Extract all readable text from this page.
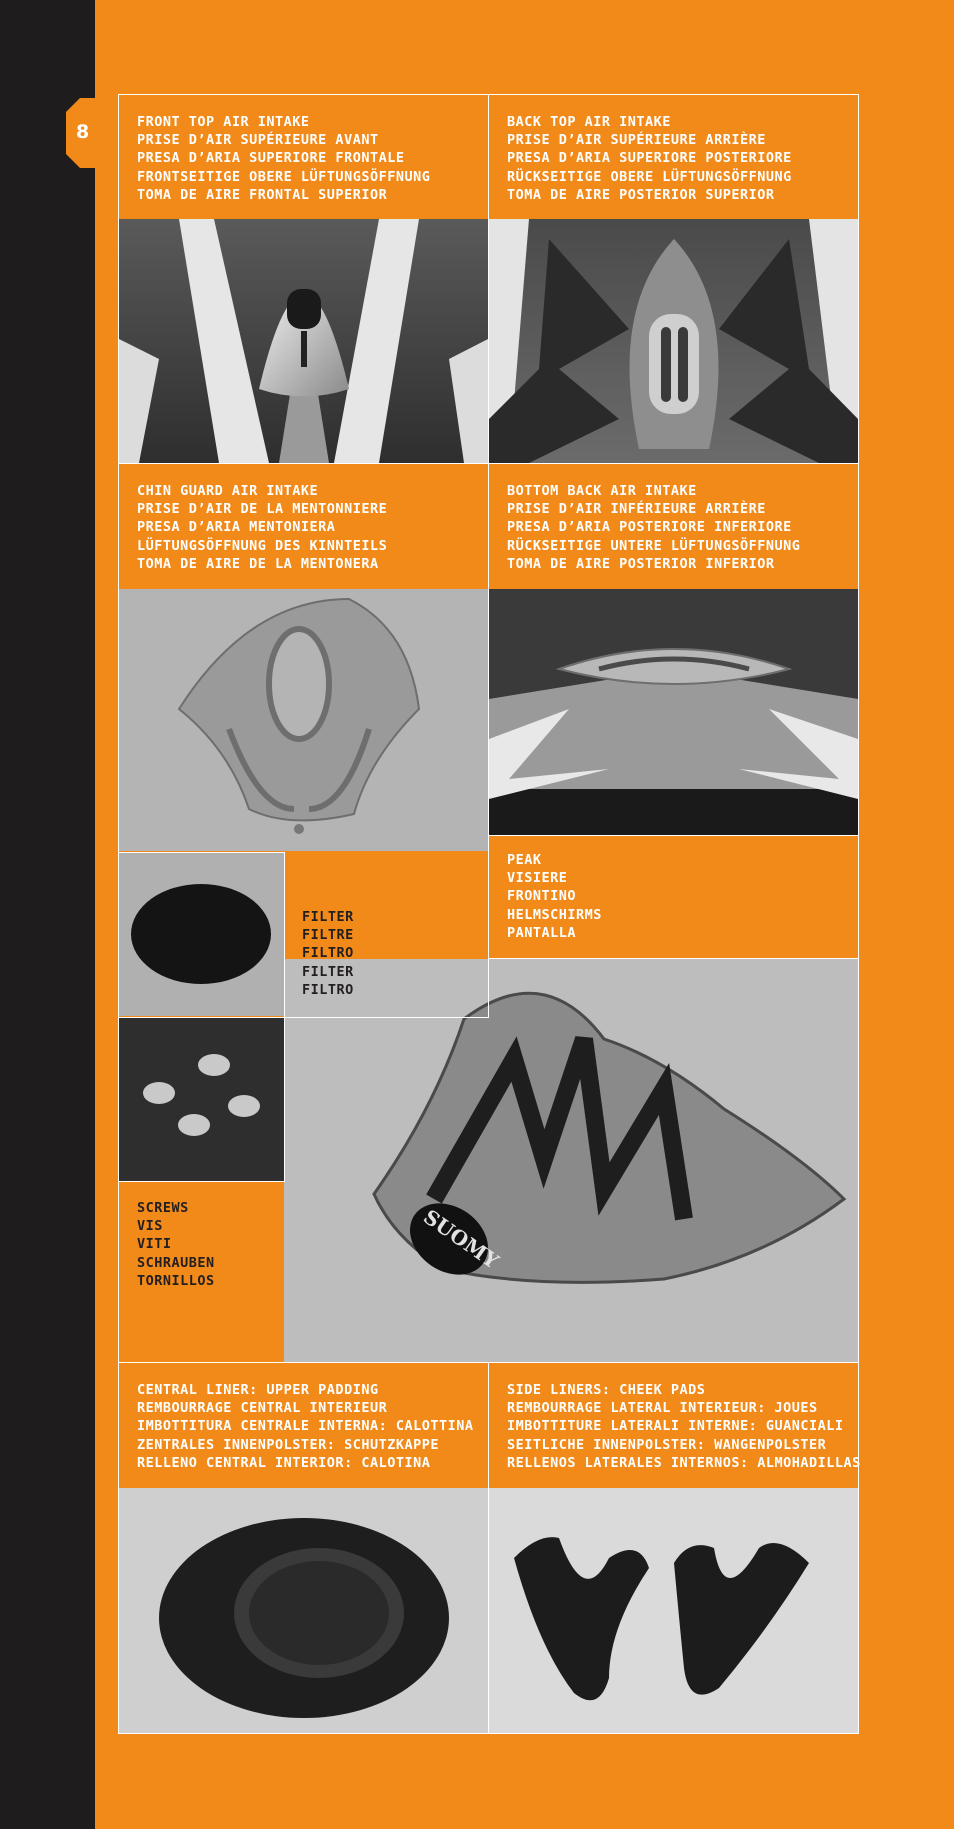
8
SUOMY
FRONT TOP AIR INTAKE
PRISE D’AIR SUPÉRIEURE AVANT
PRESA D’ARIA SUPERIORE FRONTALE
FRONTSEITIGE OBERE LÜFTUNGSÖFFNUNG
TOMA DE AIRE FRONTAL SUPERIOR
BACK TOP AIR INTAKE
PRISE D’AIR SUPÉRIEURE ARRIÈRE
PRESA D’ARIA SUPERIORE POSTERIORE
RÜCKSEITIGE OBERE LÜFTUNGSÖFFNUNG
TOMA DE AIRE POSTERIOR SUPERIOR
CHIN GUARD AIR INTAKE
PRISE D’AIR DE LA MENTONNIERE
PRESA D’ARIA MENTONIERA
LÜFTUNGSÖFFNUNG DES KINNTEILS
TOMA DE AIRE DE LA MENTONERA
BOTTOM BACK AIR INTAKE
PRISE D’AIR INFÉRIEURE ARRIÈRE
PRESA D’ARIA POSTERIORE INFERIORE
RÜCKSEITIGE UNTERE LÜFTUNGSÖFFNUNG
TOMA DE AIRE POSTERIOR INFERIOR
PEAK
VISIERE
FRONTINO
HELMSCHIRMS
PANTALLA
FILTER
FILTRE
FILTRO
FILTER
FILTRO
SCREWS
VIS
VITI
SCHRAUBEN
TORNILLOS
CENTRAL LINER: UPPER PADDING
REMBOURRAGE CENTRAL INTERIEUR
IMBOTTITURA CENTRALE INTERNA: CALOTTINA
ZENTRALES INNENPOLSTER: SCHUTZKAPPE
RELLENO CENTRAL INTERIOR: CALOTINA
SIDE LINERS: CHEEK PADS
REMBOURRAGE LATERAL INTERIEUR: JOUES
IMBOTTITURE LATERALI INTERNE: GUANCIALI
SEITLICHE INNENPOLSTER: WANGENPOLSTER
RELLENOS LATERALES INTERNOS: ALMOHADILLAS
